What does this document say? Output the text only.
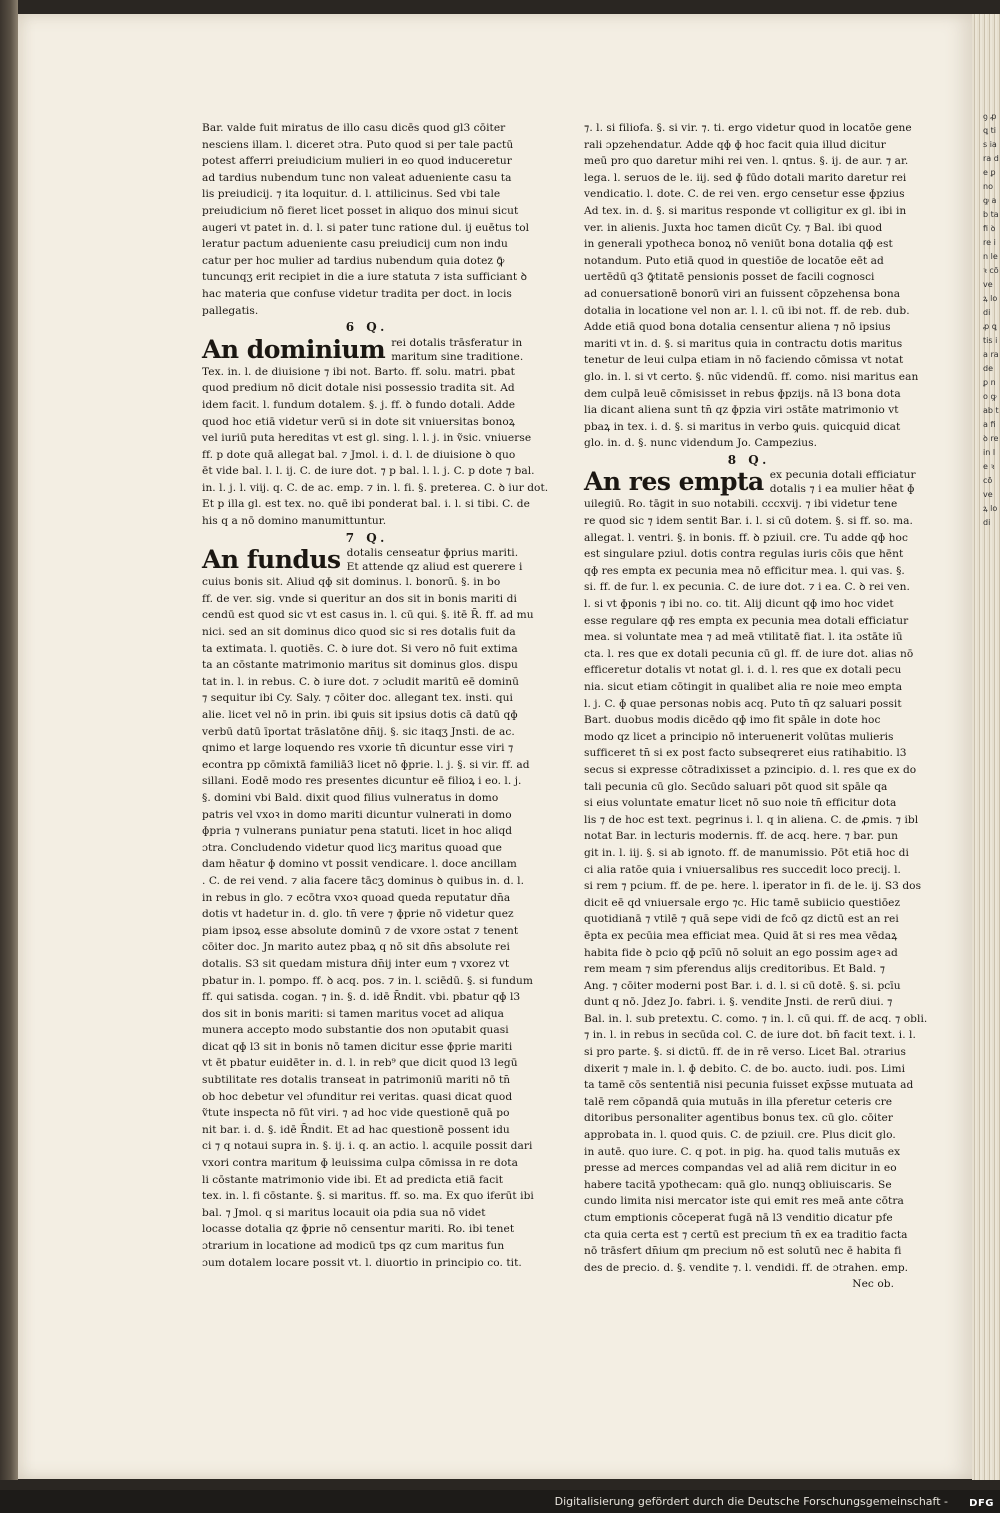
ꝯ ꝓ ꝗ tis ia ra de ꝑ no ꝙ ab ta fi ꝺ re in le ꝛ cō ve ꝝ lo di ꝓ ꝗ tis ia ra de ꝑ no ꝙ ab ta fi ꝺ re in le ꝛ cō ve ꝝ lo di

Bar. valde fuit miratus de illo casu dicēs quod gl3 cōiter

nesciens illam. l. diceret ɔtra. Puto quod si per tale pactū

potest afferri preiudicium mulieri in eo quod induceretur

ad tardius nubendum tunc non valeat adueniente casu ta

lis preiudicij. ⁊ ita loquitur. d. l. attilicinus. Sed vbi tale

preiudicium nō fieret licet posset in aliquo dos minui sicut

augeri vt patet in. d. l. si pater tunc ratione dul. ij euētus tol

leratur pactum adueniente casu preiudicij cum non indu

catur per hoc mulier ad tardius nubendum quia dotez ꝙ̄

tuncunqʒ erit recipiet in die a iure statuta ⁊ ista sufficiant ꝺ

hac materia que confuse videtur tradita per doct. in locis

pallegatis.

6 Q.

An dominium rei dotalis trāsferatur in

maritum sine traditione.

Tex. in. l. de diuisione ⁊ ibi not. Barto. ff. solu. matri. pbat

quod predium nō dicit dotale nisi possessio tradita sit. Ad

idem facit. l. fundum dotalem. §. j. ff. ꝺ fundo dotali. Adde

quod hoc etiā videtur verū si in dote sit vniuersitas bonoꝝ

vel iuriū puta hereditas vt est gl. sing. l. l. j. in ṽsic. vniuerse

ff. p dote quā allegat bal. ⁊ Jmol. i. d. l. de diuisione ꝺ quo

ēt vide bal. l. l. ij. C. de iure dot. ⁊ p bal. l. l. j. C. p dote ⁊ bal.

in. l. j. l. viij. q. C. de ac. emp. ⁊ in. l. fi. §. preterea. C. ꝺ iur dot.

Et p illa gl. est tex. no. quē ibi ponderat bal. i. l. si tibi. C. de

his q a nō domino manumittuntur.

7 Q.

An fundus dotalis censeatur ɸprius mariti.

Et attende qz aliud est querere i

cuius bonis sit. Aliud qɸ sit dominus. l. bonorū. §. in bo

ff. de ver. sig. vnde si queritur an dos sit in bonis mariti di

cendū est quod sic vt est casus in. l. cū qui. §. itē R̄. ff. ad mu

nici. sed an sit dominus dico quod sic si res dotalis fuit da

ta extimata. l. quotiēs. C. ꝺ iure dot. Si vero nō fuit extima

ta an cōstante matrimonio maritus sit dominus glos. dispu

tat in. l. in rebus. C. ꝺ iure dot. ⁊ ɔcludit maritū eē dominū

⁊ sequitur ibi Cy. Saly. ⁊ cōiter doc. allegant tex. insti. qui

alie. licet vel nō in prin. ibi ꝙuis sit ipsius dotis cā datū qɸ

verbū datū īportat trāslatōne dn̄ij. §. sic itaqʒ Jnsti. de ac.

qnimo et large loquendo res vxorie tn̄ dicuntur esse viri ⁊

econtra pp cōmixtā familiā3 licet nō ɸprie. l. j. §. si vir. ff. ad

sillani. Eodē modo res presentes dicuntur eē filioꝝ i eo. l. j.

§. domini vbi Bald. dixit quod filius vulneratus in domo

patris vel vxoꝛ in domo mariti dicuntur vulnerati in domo

ɸpria ⁊ vulnerans puniatur pena statuti. licet in hoc aliqd

ɔtra. Concludendo videtur quod licʒ maritus quoad que

dam hēatur ɸ domino vt possit vendicare. l. doce ancillam

. C. de rei vend. ⁊ alia facere tācʒ dominus ꝺ quibus in. d. l.

in rebus in glo. ⁊ ecōtra vxoꝛ quoad queda reputatur dn̄a

dotis vt hadetur in. d. glo. tn̄ vere ⁊ ɸprie nō videtur quez

piam ipsoꝝ esse absolute dominū ⁊ de vxore ɔstat ⁊ tenent

cōiter doc. Jn marito autez pbaꝝ q nō sit dn̄s absolute rei

dotalis. S3 sit quedam mistura dn̄ij inter eum ⁊ vxorez vt

pbatur in. l. pompo. ff. ꝺ acq. pos. ⁊ in. l. sciēdū. §. si fundum

ff. qui satisda. cogan. ⁊ in. §. d. idē R̄ndit. vbi. pbatur qɸ l3

dos sit in bonis mariti: si tamen maritus vocet ad aliqua

munera accepto modo substantie dos non ɔputabit quasi

dicat qɸ l3 sit in bonis nō tamen dicitur esse ɸprie mariti

vt ēt pbatur euidēter in. d. l. in reb⁹ que dicit quod l3 legū

subtilitate res dotalis transeat in patrimoniū mariti nō tn̄

ob hoc debetur vel ɔfunditur rei veritas. quasi dicat quod

ṽtute inspecta nō fūt viri. ⁊ ad hoc vide questionē quā po

nit bar. i. d. §. idē R̄ndit. Et ad hac questionē possent idu

ci ⁊ q notaui supra in. §. ij. i. q. an actio. l. acquile possit dari

vxori contra maritum ɸ leuissima culpa cōmissa in re dota

li cōstante matrimonio vide ibi. Et ad predicta etiā facit

tex. in. l. fi cōstante. §. si maritus. ff. so. ma. Ex quo iferūt ibi

bal. ⁊ Jmol. q si maritus locauit oia pdia sua nō videt

locasse dotalia qz ɸprie nō censentur mariti. Ro. ibi tenet

ɔtrarium in locatione ad modicū tps qz cum maritus fun

ɔum dotalem locare possit vt. l. diuortio in principio co. tit.

⁊. l. si filiofa. §. si vir. ⁊. ti. ergo videtur quod in locatōe gene

rali ɔpzehendatur. Adde qɸ ɸ hoc facit quia illud dicitur

meū pro quo daretur mihi rei ven. l. qntus. §. ij. de aur. ⁊ ar.

lega. l. seruos de le. iij. sed ɸ fūdo dotali marito daretur rei

vendicatio. l. dote. C. de rei ven. ergo censetur esse ɸpzius

Ad tex. in. d. §. si maritus responde vt colligitur ex gl. ibi in

ver. in alienis. Juxta hoc tamen dicūt Cy. ⁊ Bal. ibi quod

in generali ypotheca bonoꝝ nō veniūt bona dotalia qɸ est

notandum. Puto etiā quod in questiōe de locatōe eēt ad

uertēdū q3 ꝙ̄titatē pensionis posset de facili cognosci

ad conuersationē bonorū viri an fuissent cōpzehensa bona

dotalia in locatione vel non ar. l. l. cū ibi not. ff. de reb. dub.

Adde etiā quod bona dotalia censentur aliena ⁊ nō ipsius

mariti vt in. d. §. si maritus quia in contractu dotis maritus

tenetur de leui culpa etiam in nō faciendo cōmissa vt notat

glo. in. l. si vt certo. §. nūc videndū. ff. como. nisi maritus ean

dem culpā leuē cōmisisset in rebus ɸpzijs. nā l3 bona dota

lia dicant aliena sunt tn̄ qz ɸpzia viri ɔstāte matrimonio vt

pbaꝝ in tex. i. d. §. si maritus in verbo ꝙuis. quicquid dicat

glo. in. d. §. nunc videndum Jo. Campezius.

8 Q.

An res empta ex pecunia dotali efficiatur

dotalis ⁊ i ea mulier hēat ɸ

uilegiū. Ro. tāgit in suo notabili. cccxvij. ⁊ ibi videtur tene

re quod sic ⁊ idem sentit Bar. i. l. si cū dotem. §. si ff. so. ma.

allegat. l. ventri. §. in bonis. ff. ꝺ pziuil. cre. Tu adde qɸ hoc

est singulare pziul. dotis contra regulas iuris cōis que hēnt

qɸ res empta ex pecunia mea nō efficitur mea. l. qui vas. §.

si. ff. de fur. l. ex pecunia. C. de iure dot. ⁊ i ea. C. ꝺ rei ven.

l. si vt ɸponis ⁊ ibi no. co. tit. Alij dicunt qɸ imo hoc videt

esse regulare qɸ res empta ex pecunia mea dotali efficiatur

mea. si voluntate mea ⁊ ad meā vtilitatē fiat. l. ita ɔstāte iū

cta. l. res que ex dotali pecunia cū gl. ff. de iure dot. alias nō

efficeretur dotalis vt notat gl. i. d. l. res que ex dotali pecu

nia. sicut etiam cōtingit in qualibet alia re noie meo empta

l. j. C. ɸ quae personas nobis acq. Puto tn̄ qz saluari possit

Bart. duobus modis dicēdo qɸ imo fit spāle in dote hoc

modo qz licet a principio nō interuenerit volūtas mulieris

sufficeret tn̄ si ex post facto subseqreret eius ratihabitio. l3

secus si expresse cōtradixisset a pzincipio. d. l. res que ex do

tali pecunia cū glo. Secūdo saluari pōt quod sit spāle qa

si eius voluntate ematur licet nō suo noie tn̄ efficitur dota

lis ⁊ de hoc est text. pegrinus i. l. q in aliena. C. de ꝓmis. ⁊ ibl

notat Bar. in lecturis modernis. ff. de acq. here. ⁊ bar. pun

git in. l. iij. §. si ab ignoto. ff. de manumissio. Pōt etiā hoc di

ci alia ratōe quia i vniuersalibus res succedit loco precij. l.

si rem ⁊ pcium. ff. de pe. here. l. iperator in fi. de le. ij. S3 dos

dicit eē qd vniuersale ergo ⁊c. Hic tamē subiicio questiōez

quotidianā ⁊ vtilē ⁊ quā sepe vidi de fcō qz dictū est an rei

ēpta ex pecūia mea efficiat mea. Quid āt si res mea vēdaꝝ

habita fide ꝺ pcio qɸ pcīū nō soluit an ego possim ageꝛ ad

rem meam ⁊ sim pferendus alijs creditoribus. Et Bald. ⁊

Ang. ⁊ cōiter moderni post Bar. i. d. l. si cū dotē. §. si. pcīu

dunt q nō. Jdez Jo. fabri. i. §. vendite Jnsti. de rerū diui. ⁊

Bal. in. l. sub pretextu. C. como. ⁊ in. l. cū qui. ff. de acq. ⁊ obli.

⁊ in. l. in rebus in secūda col. C. de iure dot. bn̄ facit text. i. l.

si pro parte. §. si dictū. ff. de in rē verso. Licet Bal. ɔtrarius

dixerit ⁊ male in. l. ɸ debito. C. de bo. aucto. iudi. pos. Limi

ta tamē cōs sententiā nisi pecunia fuisset exp̄sse mutuata ad

talē rem cōpandā quia mutuās in illa pferetur ceteris cre

ditoribus personaliter agentibus bonus tex. cū glo. cōiter

approbata in. l. quod quis. C. de pziuil. cre. Plus dicit glo.

in autē. quo iure. C. q pot. in pig. ha. quod talis mutuās ex

presse ad merces compandas vel ad aliā rem dicitur in eo

habere tacitā ypothecam: quā glo. nunqꝫ obliuiscaris. Se

cundo limita nisi mercator iste qui emit res meā ante cōtra

ctum emptionis cōceperat fugā nā l3 venditio dicatur pfe

cta quia certa est ⁊ certū est precium tn̄ ex ea traditio facta

nō trāsfert dn̄ium qm precium nō est solutū nec ē habita fi

des de precio. d. §. vendite ⁊. l. vendidi. ff. de ɔtrahen. emp.

Nec ob.

Digitalisierung gefördert durch die Deutsche Forschungsgemeinschaft - DFG
